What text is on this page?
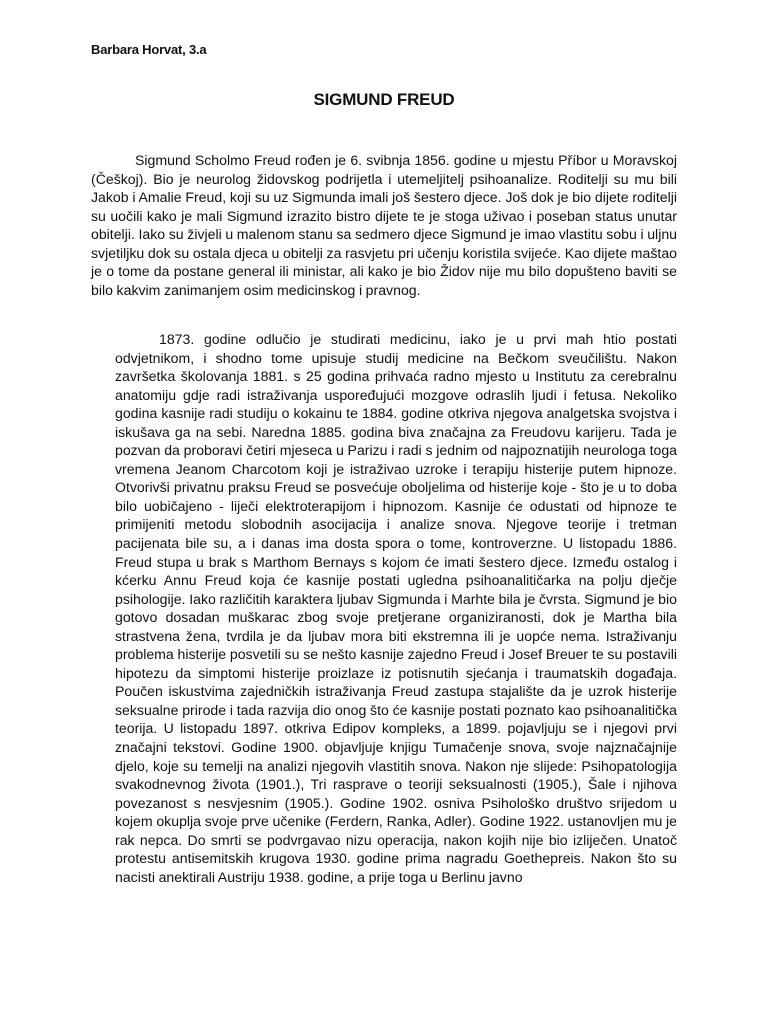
Barbara Horvat, 3.a
SIGMUND FREUD

Sigmund Scholmo Freud rođen je 6. svibnja 1856. godine u mjestu Příbor u Moravskoj (Češkoj). Bio je neurolog židovskog podrijetla i utemeljitelj psihoanalize. Roditelji su mu bili Jakob i Amalie Freud, koji su uz Sigmunda imali još šestero djece. Još dok je bio dijete roditelji su uočili kako je mali Sigmund izrazito bistro dijete te je stoga uživao i poseban status unutar obitelji. Iako su živjeli u malenom stanu sa sedmero djece Sigmund je imao vlastitu sobu i uljnu svjetiljku dok su ostala djeca u obitelji za rasvjetu pri učenju koristila svijeće. Kao dijete maštao je o tome da postane general ili ministar, ali kako je bio Židov nije mu bilo dopušteno baviti se bilo kakvim zanimanjem osim medicinskog i pravnog.

1873. godine odlučio je studirati medicinu, iako je u prvi mah htio postati odvjetnikom, i shodno tome upisuje studij medicine na Bečkom sveučilištu. Nakon završetka školovanja 1881. s 25 godina prihvaća radno mjesto u Institutu za cerebralnu anatomiju gdje radi istraživanja uspoređujući mozgove odraslih ljudi i fetusa. Nekoliko godina kasnije radi studiju o kokainu te 1884. godine otkriva njegova analgetska svojstva i iskušava ga na sebi. Naredna 1885. godina biva značajna za Freudovu karijeru. Tada je pozvan da proboravi četiri mjeseca u Parizu i radi s jednim od najpoznatijih neurologa toga vremena Jeanom Charcotom koji je istraživao uzroke i terapiju histerije putem hipnoze. Otvorivši privatnu praksu Freud se posvećuje oboljelima od histerije koje - što je u to doba bilo uobičajeno - liječi elektroterapijom i hipnozom. Kasnije će odustati od hipnoze te primijeniti metodu slobodnih asocijacija i analize snova. Njegove teorije i tretman pacijenata bile su, a i danas ima dosta spora o tome, kontroverzne. U listopadu 1886. Freud stupa u brak s Marthom Bernays s kojom će imati šestero djece. Između ostalog i kćerku Annu Freud koja će kasnije postati ugledna psihoanalitičarka na polju dječje psihologije. Iako različitih karaktera ljubav Sigmunda i Marhte bila je čvrsta. Sigmund je bio gotovo dosadan muškarac zbog svoje pretjerane organiziranosti, dok je Martha bila strastvena žena, tvrdila je da ljubav mora biti ekstremna ili je uopće nema. Istraživanju problema histerije posvetili su se nešto kasnije zajedno Freud i Josef Breuer te su postavili hipotezu da simptomi histerije proizlaze iz potisnutih sjećanja i traumatskih događaja. Poučen iskustvima zajedničkih istraživanja Freud zastupa stajalište da je uzrok histerije seksualne prirode i tada razvija dio onog što će kasnije postati poznato kao psihoanalitička teorija. U listopadu 1897. otkriva Edipov kompleks, a 1899. pojavljuju se i njegovi prvi značajni tekstovi. Godine 1900. objavljuje knjigu Tumačenje snova, svoje najznačajnije djelo, koje su temelji na analizi njegovih vlastitih snova. Nakon nje slijede: Psihopatologija svakodnevnog života (1901.), Tri rasprave o teoriji seksualnosti (1905.), Šale i njihova povezanost s nesvjesnim (1905.). Godine 1902. osniva Psihološko društvo srijedom u kojem okuplja svoje prve učenike (Ferdern, Ranka, Adler). Godine 1922. ustanovljen mu je rak nepca. Do smrti se podvrgavao nizu operacija, nakon kojih nije bio izliječen. Unatoč protestu antisemitskih krugova 1930. godine prima nagradu Goethepreis. Nakon što su nacisti anektirali Austriju 1938. godine, a prije toga u Berlinu javno
